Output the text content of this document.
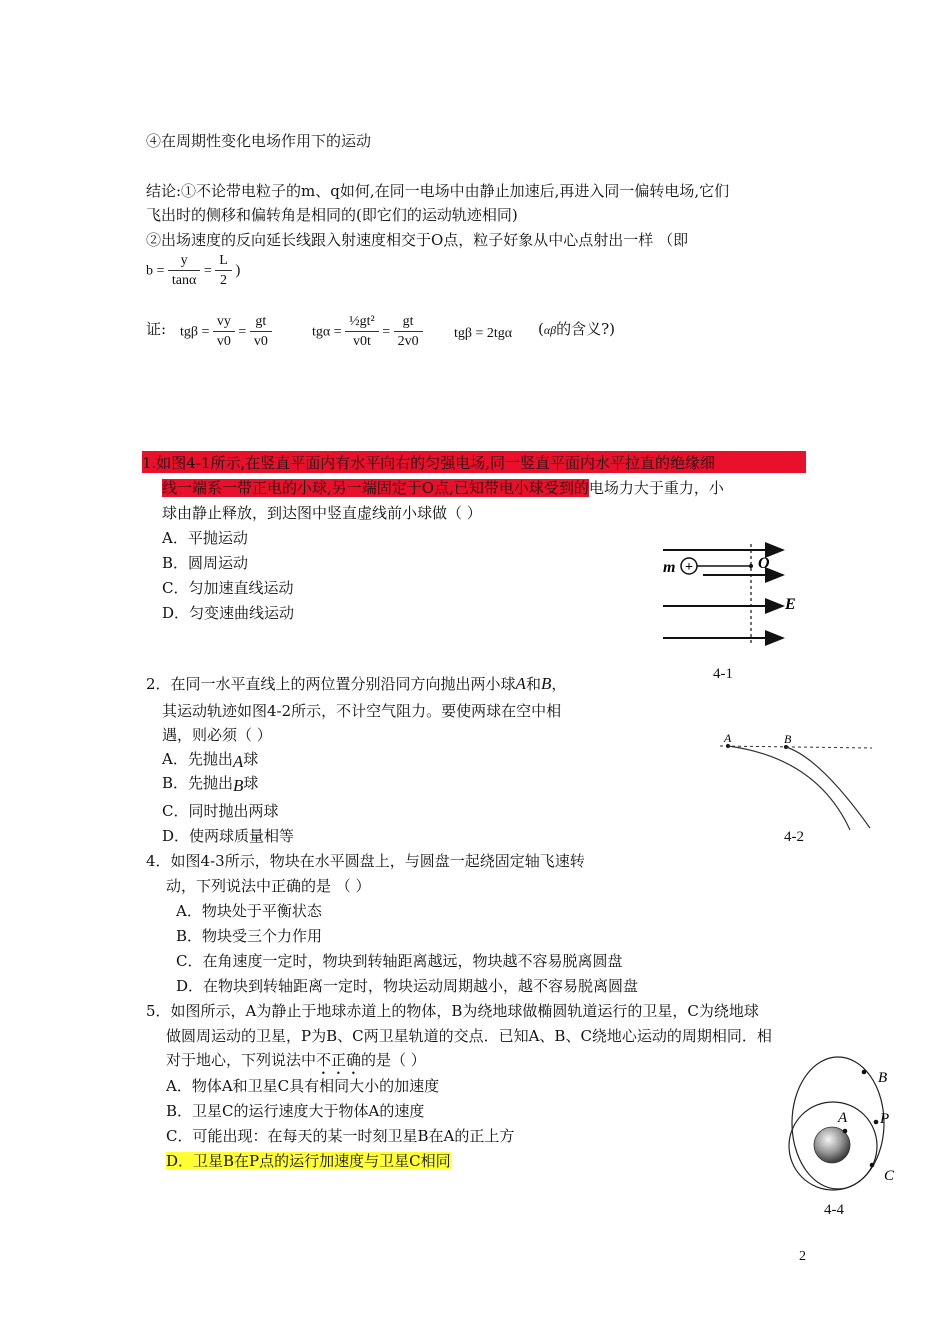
④在周期性变化电场作用下的运动
结论:①不论带电粒子的m、q如何,在同一电场中由静止加速后,再进入同一偏转电场,它们
飞出时的侧移和偏转角是相同的(即它们的运动轨迹相同)
②出场速度的反向延长线跟入射速度相交于O点，粒子好象从中心点射出一样 （即
$b = \frac{y}{\tan\alpha} = \frac{L}{2}$ )
证: $tg\beta = \frac{vy}{v0} = \frac{gt}{v0}$	$tg\alpha = \frac{\text{½gt²}}{v0t} = \frac{gt}{2v0}$ tgβ = 2tgα (αβ的含义?)
1.如图4-1所示,在竖直平面内有水平向右的匀强电场,同一竖直平面内水平拉直的绝缘细
线一端系一带正电的小球,另一端固定于O点,已知带电小球受到的电场力大于重力，小
球由静止释放，到达图中竖直虚线前小球做（ ）
A．平抛运动
B．圆周运动
C．匀加速直线运动
D．匀变速曲线运动
+
m	O
E
4-1
2．在同一水平直线上的两位置分别沿同方向抛出两小球A和B，
其运动轨迹如图4-2所示，不计空气阻力。要使两球在空中相
遇，则必须（ ）
A．先抛出A球
B．先抛出B球
C．同时抛出两球
D．使两球质量相等
A	B
4-2
4．如图4-3所示，物块在水平圆盘上，与圆盘一起绕固定轴飞速转
动，下列说法中正确的是 （ ）
A．物块处于平衡状态
B．物块受三个力作用
C．在角速度一定时，物块到转轴距离越远，物块越不容易脱离圆盘
D．在物块到转轴距离一定时，物块运动周期越小，越不容易脱离圆盘
5．如图所示，A为静止于地球赤道上的物体，B为绕地球做椭圆轨道运行的卫星，C为绕地球
做圆周运动的卫星，P为B、C两卫星轨道的交点．已知A、B、C绕地心运动的周期相同．相
对于地心，下列说法中不正确的是（ ）
A．物体A和卫星C具有相同大小的加速度
B．卫星C的运行速度大于物体A的速度
C．可能出现：在每天的某一时刻卫星B在A的正上方
D．卫星B在P点的运行加速度与卫星C相同
A
B
P
C
4-4
2
